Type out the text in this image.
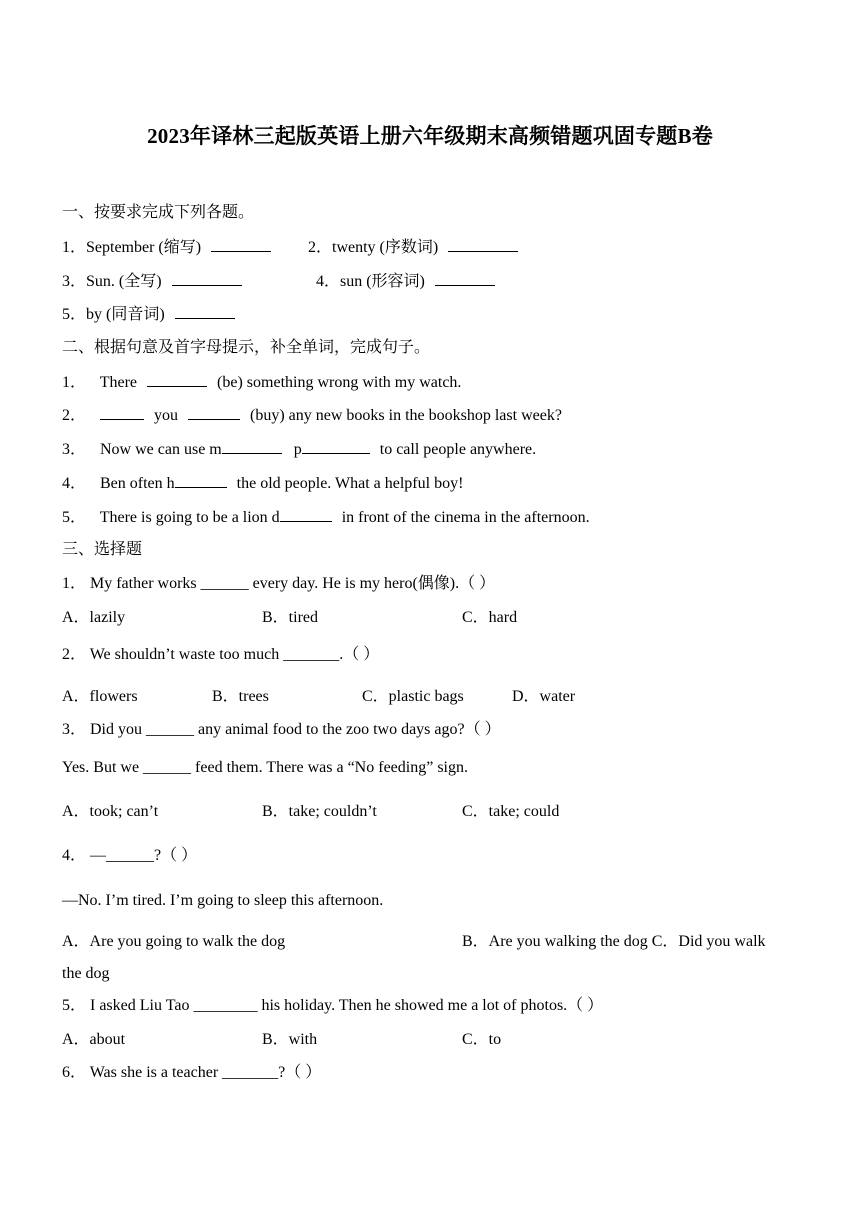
2023年译林三起版英语上册六年级期末高频错题巩固专题B卷
一、按要求完成下列各题。
1．September (缩写)	2．twenty (序数词)
3．Sun. (全写)	4．sun (形容词)
5．by (同音词)
二、根据句意及首字母提示，补全单词，完成句子。
1． There	(be) something wrong with my watch.
2．	you	(buy) any new books in the bookshop last week?
3． Now we can use m	p	to call people anywhere.
4． Ben often h	the old people. What a helpful boy!
5． There is going to be a lion d	in front of the cinema in the afternoon.
三、选择题
1． My father works ______ every day. He is my hero(偶像).（ ）
A．lazily	B．tired	C．hard
2． We shouldn’t waste too much _______.（ ）
A．flowers	B．trees	C．plastic bags	D．water
3． Did you ______ any animal food to the zoo two days ago?（ ）
Yes. But we ______ feed them. There was a “No feeding” sign.
A．took; can’t	B．take; couldn’t	C．take; could
4． —______?（ ）
—No. I’m tired. I’m going to sleep this afternoon.
A．Are you going to walk the dog	B．Are you walking the dog C．Did you walk
the dog
5． I asked Liu Tao ________ his holiday. Then he showed me a lot of photos.（ ）
A．about	B．with	C．to
6． Was she is a teacher _______?（ ）
